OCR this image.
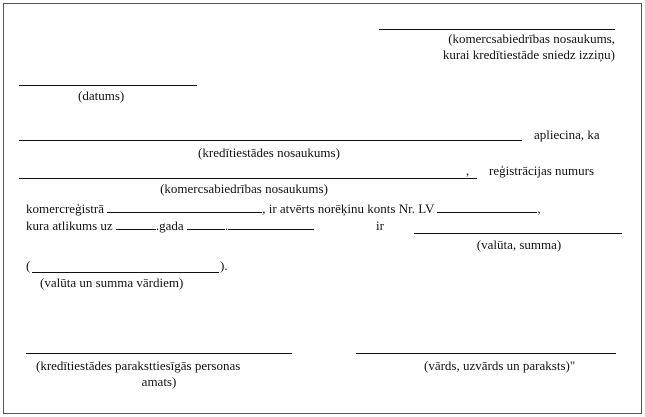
(komercsabiedrības nosaukums,
kurai kredītiestāde sniedz izziņu)
(datums)
apliecina, ka
(kredītiestādes nosaukums)
, reģistrācijas numurs
(komercsabiedrības nosaukums)
komercreģistrā	, ir atvērts norēķinu konts Nr. LV	,
kura atlikums uz	.gada	.	ir
(valūta, summa)
(	).
(valūta un summa vārdiem)
(kredītiestādes paraksttiesīgās personas
amats)
(vārds, uzvārds un paraksts)"
